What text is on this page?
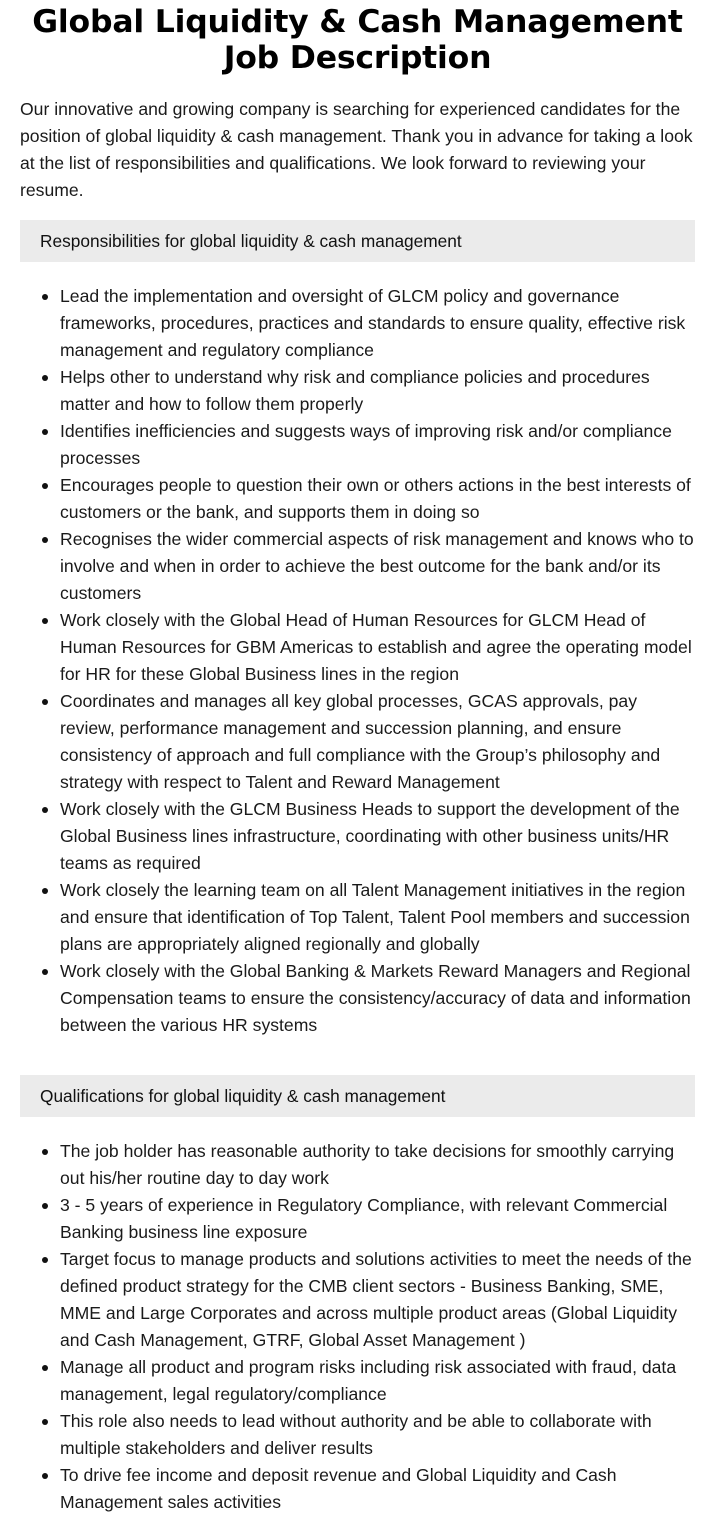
Global Liquidity & Cash Management Job Description

Our innovative and growing company is searching for experienced candidates for the position of global liquidity & cash management. Thank you in advance for taking a look at the list of responsibilities and qualifications. We look forward to reviewing your resume.

Responsibilities for global liquidity & cash management
Lead the implementation and oversight of GLCM policy and governance frameworks, procedures, practices and standards to ensure quality, effective risk management and regulatory compliance
Helps other to understand why risk and compliance policies and procedures matter and how to follow them properly
Identifies inefficiencies and suggests ways of improving risk and/or compliance processes
Encourages people to question their own or others actions in the best interests of customers or the bank, and supports them in doing so
Recognises the wider commercial aspects of risk management and knows who to involve and when in order to achieve the best outcome for the bank and/or its customers
Work closely with the Global Head of Human Resources for GLCM Head of Human Resources for GBM Americas to establish and agree the operating model for HR for these Global Business lines in the region
Coordinates and manages all key global processes, GCAS approvals, pay review, performance management and succession planning, and ensure consistency of approach and full compliance with the Group’s philosophy and strategy with respect to Talent and Reward Management
Work closely with the GLCM Business Heads to support the development of the Global Business lines infrastructure, coordinating with other business units/HR teams as required
Work closely the learning team on all Talent Management initiatives in the region and ensure that identification of Top Talent, Talent Pool members and succession plans are appropriately aligned regionally and globally
Work closely with the Global Banking & Markets Reward Managers and Regional Compensation teams to ensure the consistency/accuracy of data and information between the various HR systems
Qualifications for global liquidity & cash management
The job holder has reasonable authority to take decisions for smoothly carrying out his/her routine day to day work
3 - 5 years of experience in Regulatory Compliance, with relevant Commercial Banking business line exposure
Target focus to manage products and solutions activities to meet the needs of the defined product strategy for the CMB client sectors - Business Banking, SME, MME and Large Corporates and across multiple product areas (Global Liquidity and Cash Management, GTRF, Global Asset Management )
Manage all product and program risks including risk associated with fraud, data management, legal regulatory/compliance
This role also needs to lead without authority and be able to collaborate with multiple stakeholders and deliver results
To drive fee income and deposit revenue and Global Liquidity and Cash Management sales activities
